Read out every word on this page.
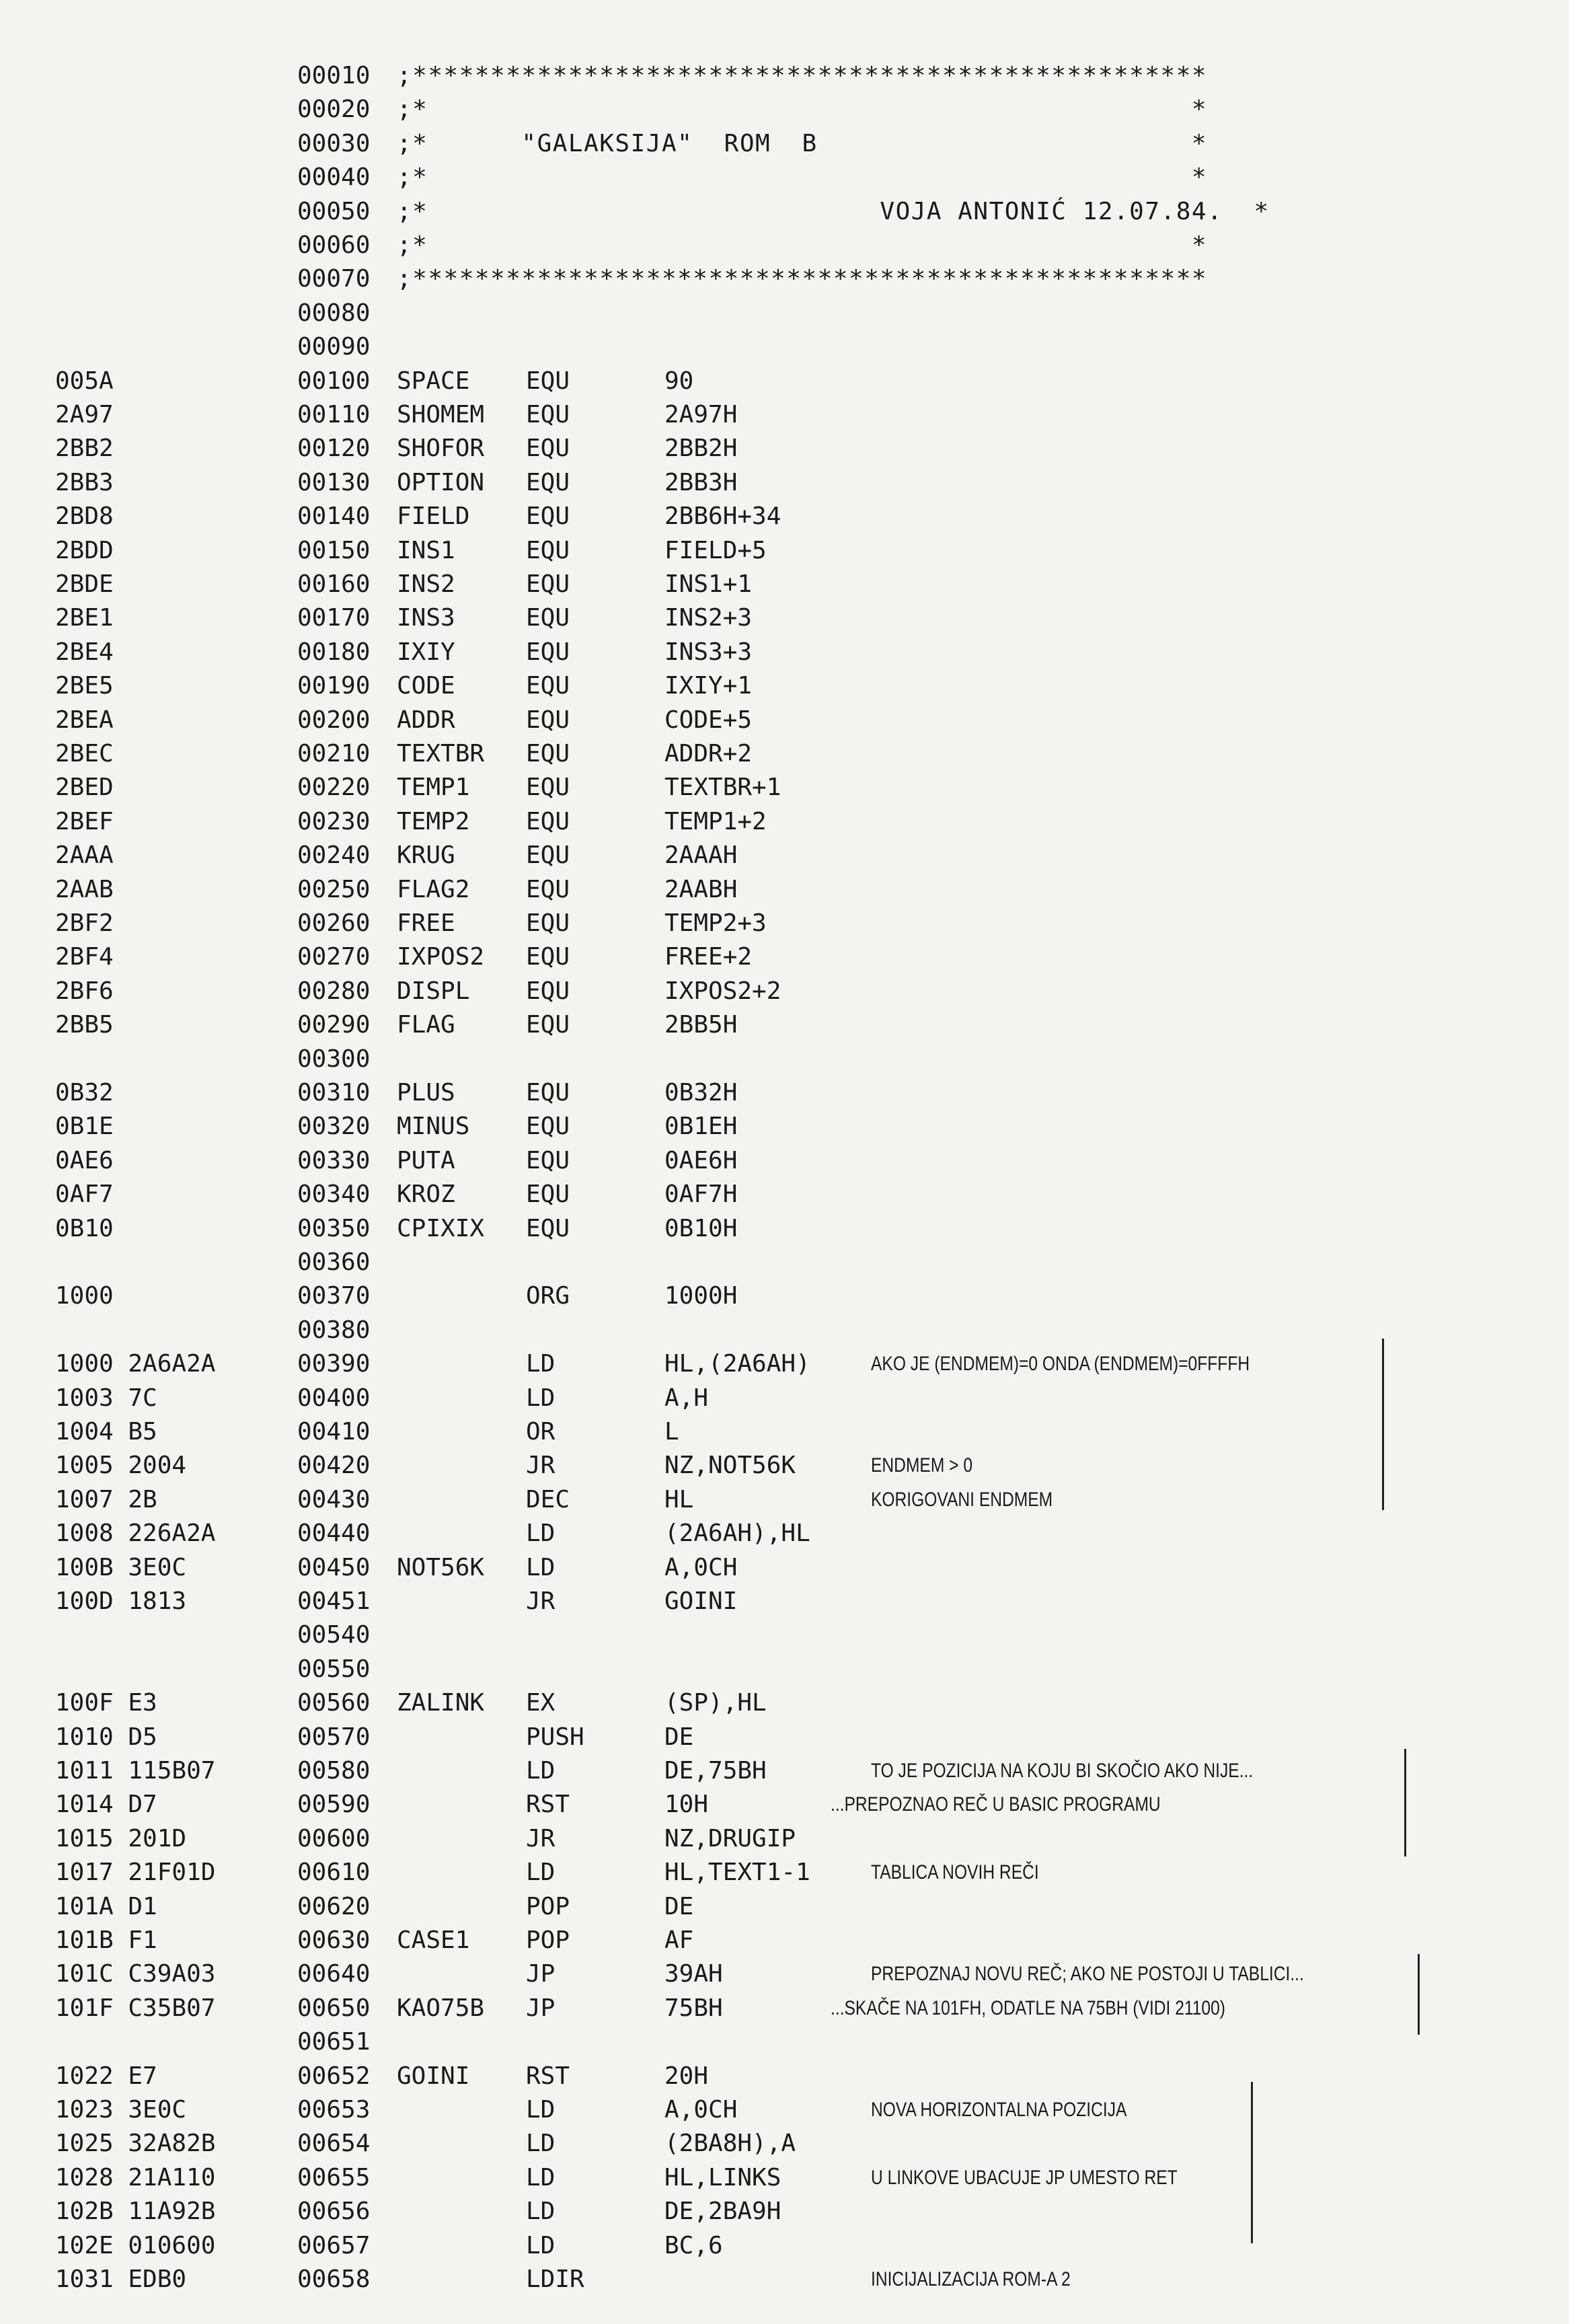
00010 ;***************************************************
00020 ;*                                                 *
00030 ;*      "GALAKSIJA"  ROM  B                        *
00040 ;*                                                 *
00050 ;*                             VOJA ANTONIĆ 12.07.84.  *
00060 ;*                                                 *
00070 ;***************************************************
00080
00090
005A	00100 SPACE EQU	90
2A97	00110 SHOMEM EQU	2A97H
2BB2	00120 SHOFOR EQU	2BB2H
2BB3	00130 OPTION EQU	2BB3H
2BD8	00140 FIELD EQU	2BB6H+34
2BDD	00150 INS1	EQU	FIELD+5
2BDE	00160 INS2	EQU	INS1+1
2BE1	00170 INS3	EQU	INS2+3
2BE4	00180 IXIY	EQU	INS3+3
2BE5	00190 CODE	EQU	IXIY+1
2BEA	00200 ADDR	EQU	CODE+5
2BEC	00210 TEXTBR EQU	ADDR+2
2BED	00220 TEMP1 EQU	TEXTBR+1
2BEF	00230 TEMP2 EQU	TEMP1+2
2AAA	00240 KRUG	EQU	2AAAH
2AAB	00250 FLAG2 EQU	2AABH
2BF2	00260 FREE	EQU	TEMP2+3
2BF4	00270 IXPOS2 EQU	FREE+2
2BF6	00280 DISPL EQU	IXPOS2+2
2BB5	00290 FLAG	EQU	2BB5H
00300
0B32	00310 PLUS	EQU	0B32H
0B1E	00320 MINUS EQU	0B1EH
0AE6	00330 PUTA	EQU	0AE6H
0AF7	00340 KROZ	EQU	0AF7H
0B10	00350 CPIXIX EQU	0B10H
00360
1000	00370	ORG	1000H
00380
1000 2A6A2A	00390	LD	HL,(2A6AH)	AKO JE (ENDMEM)=0 ONDA (ENDMEM)=0FFFFH
1003 7C	00400	LD	A,H
1004 B5	00410	OR	L
1005 2004	00420	JR	NZ,NOT56K	ENDMEM > 0
1007 2B	00430	DEC	HL	KORIGOVANI ENDMEM
1008 226A2A	00440	LD	(2A6AH),HL
100B 3E0C	00450 NOT56K LD	A,0CH
100D 1813	00451	JR	GOINI
00540
00550
100F E3	00560 ZALINK EX	(SP),HL
1010 D5	00570	PUSH	DE
1011 115B07	00580	LD	DE,75BH	TO JE POZICIJA NA KOJU BI SKOČIO AKO NIJE...
1014 D7	00590	RST	10H	...PREPOZNAO REČ U BASIC PROGRAMU
1015 201D	00600	JR	NZ,DRUGIP
1017 21F01D	00610	LD	HL,TEXT1-1	TABLICA NOVIH REČI
101A D1	00620	POP	DE
101B F1	00630 CASE1 POP	AF
101C C39A03	00640	JP	39AH	PREPOZNAJ NOVU REČ; AKO NE POSTOJI U TABLICI...
101F C35B07	00650 KAO75B JP	75BH	...SKAČE NA 101FH, ODATLE NA 75BH (VIDI 21100)
00651
1022 E7	00652 GOINI RST	20H
1023 3E0C	00653	LD	A,0CH	NOVA HORIZONTALNA POZICIJA
1025 32A82B	00654	LD	(2BA8H),A
1028 21A110	00655	LD	HL,LINKS	U LINKOVE UBACUJE JP UMESTO RET
102B 11A92B	00656	LD	DE,2BA9H
102E 010600	00657	LD	BC,6
1031 EDB0	00658	LDIR	INICIJALIZACIJA ROM-A 2
